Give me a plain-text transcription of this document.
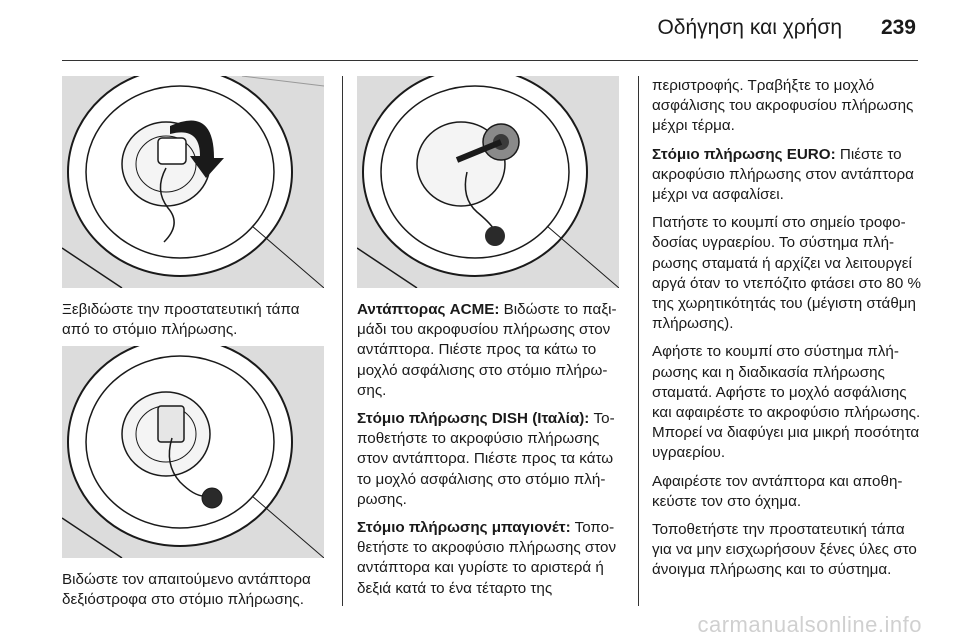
Οδήγηση και χρήση 239

Ξεβιδώστε την προστατευτική τάπα από το στόμιο πλήρωσης.

Βιδώστε τον απαιτούμενο αντάπτορα δεξιόστροφα στο στόμιο πλήρωσης.

Αντάπτορας ACME: Βιδώστε το παξιμάδι του ακροφυσίου πλήρωσης στον αντάπτορα. Πιέστε προς τα κάτω το μοχλό ασφάλισης στο στόμιο πλήρωσης.

Στόμιο πλήρωσης DISH (Ιταλία): Τοποθετήστε το ακροφύσιο πλήρωσης στον αντάπτορα. Πιέστε προς τα κάτω το μοχλό ασφάλισης στο στόμιο πλήρωσης.

Στόμιο πλήρωσης μπαγιονέτ: Τοποθετήστε το ακροφύσιο πλήρωσης στον αντάπτορα και γυρίστε το αριστερά ή δεξιά κατά το ένα τέταρτο της

περιστροφής. Τραβήξτε το μοχλό ασφάλισης του ακροφυσίου πλήρωσης μέχρι τέρμα.

Στόμιο πλήρωσης EURO: Πιέστε το ακροφύσιο πλήρωσης στον αντάπτορα μέχρι να ασφαλίσει.

Πατήστε το κουμπί στο σημείο τροφοδοσίας υγραερίου. Το σύστημα πλήρωσης σταματά ή αρχίζει να λειτουργεί αργά όταν το ντεπόζιτο φτάσει στο 80 % της χωρητικότητάς του (μέγιστη στάθμη πλήρωσης).

Αφήστε το κουμπί στο σύστημα πλήρωσης και η διαδικασία πλήρωσης σταματά. Αφήστε το μοχλό ασφάλισης και αφαιρέστε το ακροφύσιο πλήρωσης. Μπορεί να διαφύγει μια μικρή ποσότητα υγραερίου.

Αφαιρέστε τον αντάπτορα και αποθηκεύστε τον στο όχημα.

Τοποθετήστε την προστατευτική τάπα για να μην εισχωρήσουν ξένες ύλες στο άνοιγμα πλήρωσης και το σύστημα.

carmanualsonline.info
